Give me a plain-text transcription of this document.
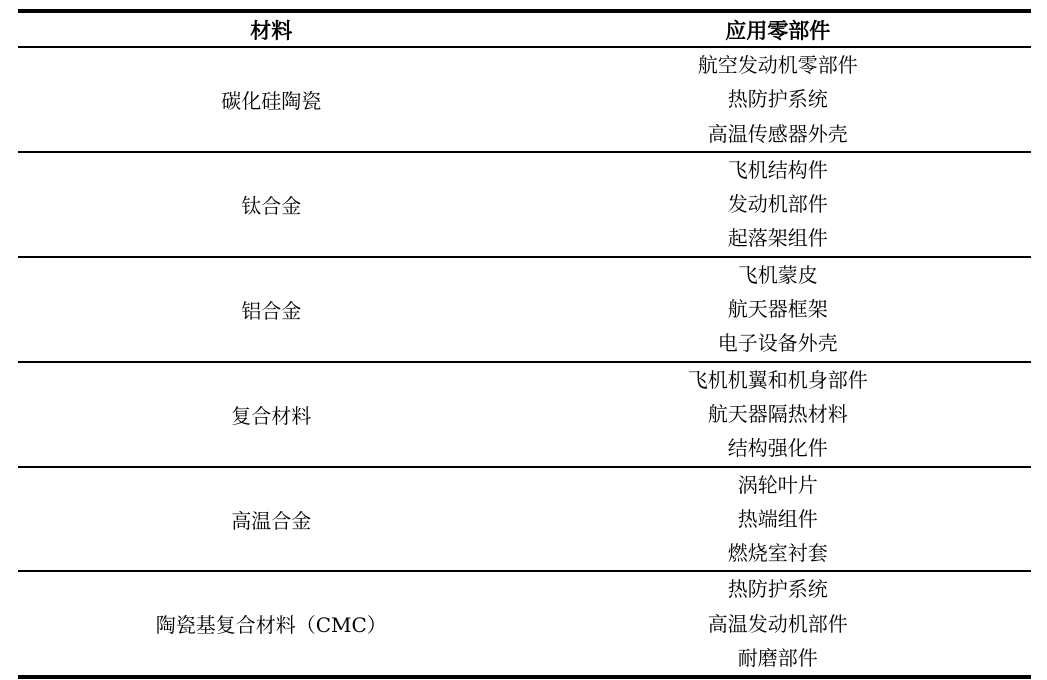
材料	应用零部件
碳化硅陶瓷
航空发动机零部件
热防护系统
高温传感器外壳
钛合金
飞机结构件
发动机部件
起落架组件
铝合金
飞机蒙皮
航天器框架
电子设备外壳
复合材料
飞机机翼和机身部件
航天器隔热材料
结构强化件
高温合金
涡轮叶片
热端组件
燃烧室衬套
陶瓷基复合材料（CMC）
热防护系统
高温发动机部件
耐磨部件
